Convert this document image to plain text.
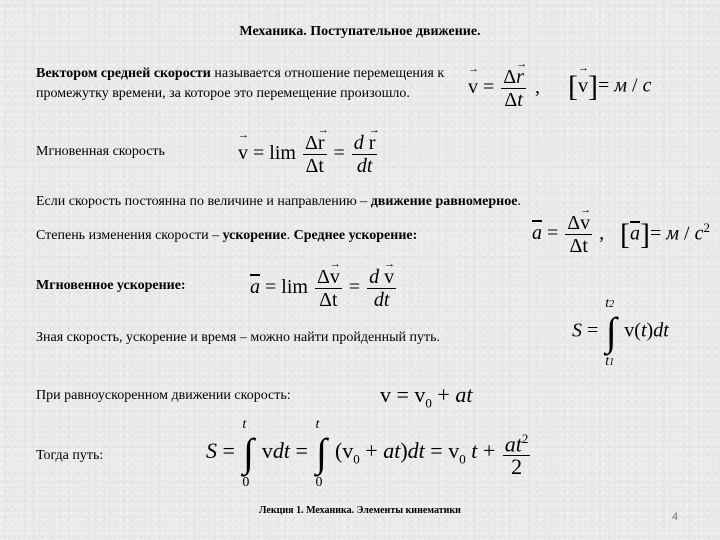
Механика. Поступательное движение.
Вектором средней скорости называется отношение перемещения к промежутку времени, за которое это перемещение произошло.	→ $v = \frac{\Delta\to r}{\Delta t}$ , [→ v]= м / с
Мгновенная скорость	→ $v = \lim \frac{\Delta\to r}{\Delta t} = \frac{d \to r}{dt}$
Если скорость постоянна по величине и направлению – движение равномерное.
Степень изменения скорости – ускорение. Среднее ускорение:	$\overline{a} = \frac{\Delta\to v}{\Delta t}$ , $[\overline{a}]= м / с^2$
Мгновенное ускорение:	$\overline{a} = \lim \frac{\Delta\to v}{\Delta t} = \frac{d \to v}{dt}$
Зная скорость, ускорение и время – можно найти пройденный путь.	S =
t2
∫
t1
v(t)dt
При равноускоренном движении скорость:	$v = v_0$ + at
Тогда путь:	S =
t
∫
0
vdt =
t
∫
0
$(v_0 + at)dt = v_0$ $t + \frac{at^2}{2}$
Лекция 1. Механика. Элементы кинематики
4
